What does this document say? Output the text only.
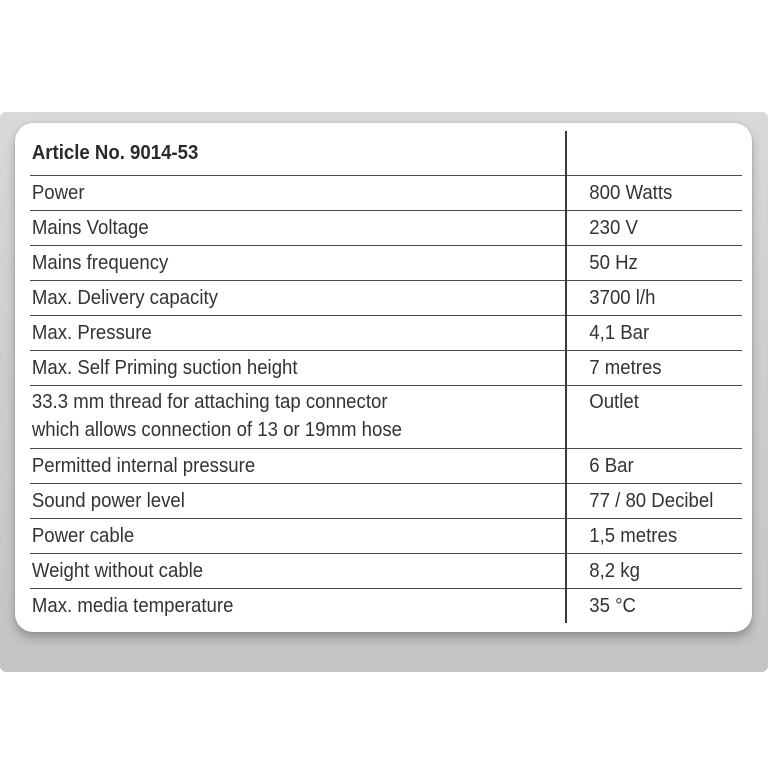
Article No. 9014-53	
Power	800 Watts
Mains Voltage	230 V
Mains frequency	50 Hz
Max. Delivery capacity	3700 l/h
Max. Pressure	4,1 Bar
Max. Self Priming suction height	7 metres
33.3 mm thread for attaching tap connector
which allows connection of 13 or 19mm hose	Outlet
Permitted internal pressure	6 Bar
Sound power level	77 / 80 Decibel
Power cable	1,5 metres
Weight without cable	8,2 kg
Max. media temperature	35 °C
